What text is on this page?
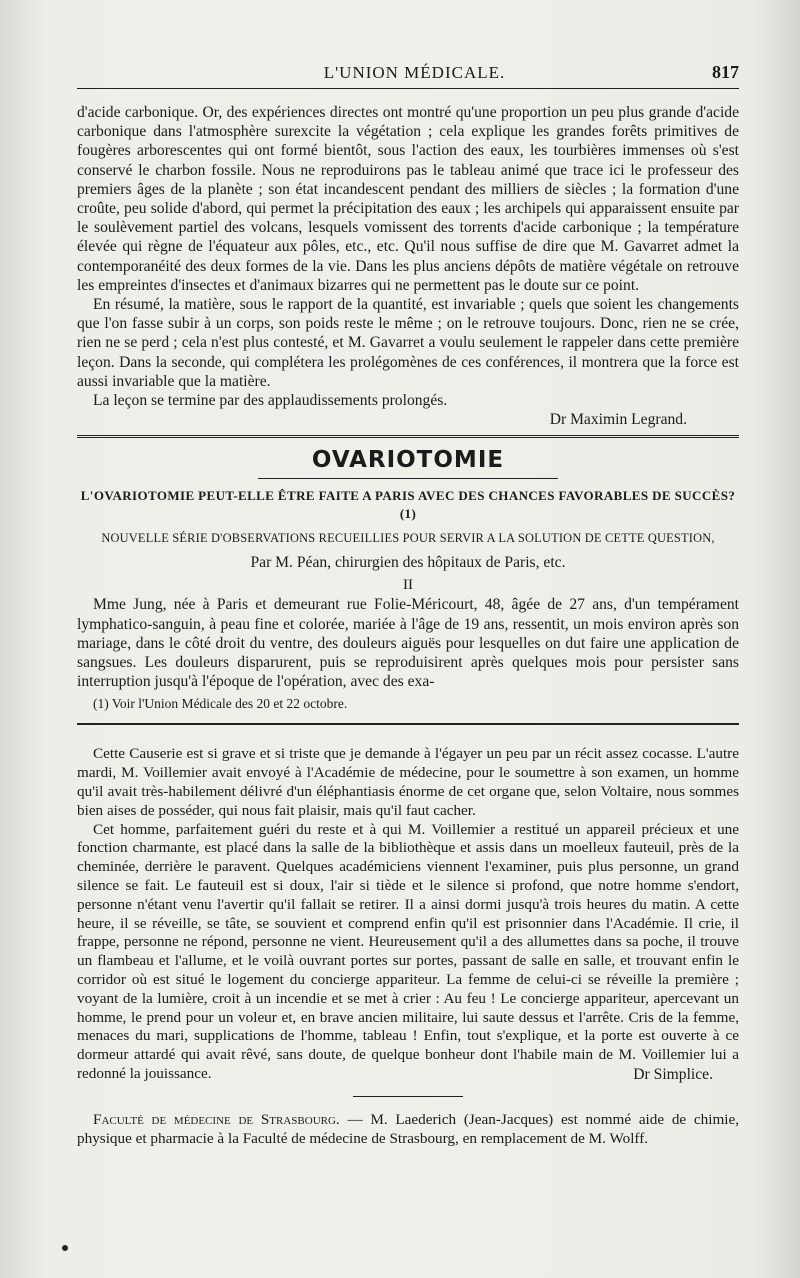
L'UNION MÉDICALE.	817

d'acide carbonique. Or, des expériences directes ont montré qu'une proportion un peu plus grande d'acide carbonique dans l'atmosphère surexcite la végétation ; cela explique les grandes forêts primitives de fougères arborescentes qui ont formé bientôt, sous l'action des eaux, les tourbières immenses où s'est conservé le charbon fossile. Nous ne reproduirons pas le tableau animé que trace ici le professeur des premiers âges de la planète ; son état incandescent pendant des milliers de siècles ; la formation d'une croûte, peu solide d'abord, qui permet la précipitation des eaux ; les archipels qui apparaissent ensuite par le soulèvement partiel des volcans, lesquels vomissent des torrents d'acide carbonique ; la température élevée qui règne de l'équateur aux pôles, etc., etc. Qu'il nous suffise de dire que M. Gavarret admet la contemporanéité des deux formes de la vie. Dans les plus anciens dépôts de matière végétale on retrouve les empreintes d'insectes et d'animaux bizarres qui ne permettent pas le doute sur ce point.

En résumé, la matière, sous le rapport de la quantité, est invariable ; quels que soient les changements que l'on fasse subir à un corps, son poids reste le même ; on le retrouve toujours. Donc, rien ne se crée, rien ne se perd ; cela n'est plus contesté, et M. Gavarret a voulu seulement le rappeler dans cette première leçon. Dans la seconde, qui complétera les prolégomènes de ces conférences, il montrera que la force est aussi invariable que la matière.

La leçon se termine par des applaudissements prolongés.

Dr Maximin Legrand.
OVARIOTOMIE
L'OVARIOTOMIE PEUT-ELLE ÊTRE FAITE A PARIS AVEC DES CHANCES FAVORABLES DE SUCCÈS? (1)
NOUVELLE SÉRIE D'OBSERVATIONS RECUEILLIES POUR SERVIR A LA SOLUTION DE CETTE QUESTION,
Par M. Péan, chirurgien des hôpitaux de Paris, etc.
II

Mme Jung, née à Paris et demeurant rue Folie-Méricourt, 48, âgée de 27 ans, d'un tempérament lymphatico-sanguin, à peau fine et colorée, mariée à l'âge de 19 ans, ressentit, un mois environ après son mariage, dans le côté droit du ventre, des douleurs aiguës pour lesquelles on dut faire une application de sangsues. Les douleurs disparurent, puis se reproduisirent après quelques mois pour persister sans interruption jusqu'à l'époque de l'opération, avec des exa-

(1) Voir l'Union Médicale des 20 et 22 octobre.

Cette Causerie est si grave et si triste que je demande à l'égayer un peu par un récit assez cocasse. L'autre mardi, M. Voillemier avait envoyé à l'Académie de médecine, pour le soumettre à son examen, un homme qu'il avait très-habilement délivré d'un éléphantiasis énorme de cet organe que, selon Voltaire, nous sommes bien aises de posséder, qui nous fait plaisir, mais qu'il faut cacher.

Cet homme, parfaitement guéri du reste et à qui M. Voillemier a restitué un appareil précieux et une fonction charmante, est placé dans la salle de la bibliothèque et assis dans un moelleux fauteuil, près de la cheminée, derrière le paravent. Quelques académiciens viennent l'examiner, puis plus personne, un grand silence se fait. Le fauteuil est si doux, l'air si tiède et le silence si profond, que notre homme s'endort, personne n'étant venu l'avertir qu'il fallait se retirer. Il a ainsi dormi jusqu'à trois heures du matin. A cette heure, il se réveille, se tâte, se souvient et comprend enfin qu'il est prisonnier dans l'Académie. Il crie, il frappe, personne ne répond, personne ne vient. Heureusement qu'il a des allumettes dans sa poche, il trouve un flambeau et l'allume, et le voilà ouvrant portes sur portes, passant de salle en salle, et trouvant enfin le corridor où est situé le logement du concierge appariteur. La femme de celui-ci se réveille la première ; voyant de la lumière, croit à un incendie et se met à crier : Au feu ! Le concierge appariteur, apercevant un homme, le prend pour un voleur et, en brave ancien militaire, lui saute dessus et l'arrête. Cris de la femme, menaces du mari, supplications de l'homme, tableau ! Enfin, tout s'explique, et la porte est ouverte à ce dormeur attardé qui avait rêvé, sans doute, de quelque bonheur dont l'habile main de M. Voillemier lui a redonné la jouissance.	Dr Simplice.

Faculté de médecine de Strasbourg. — M. Laederich (Jean-Jacques) est nommé aide de chimie, physique et pharmacie à la Faculté de médecine de Strasbourg, en remplacement de M. Wolff.
